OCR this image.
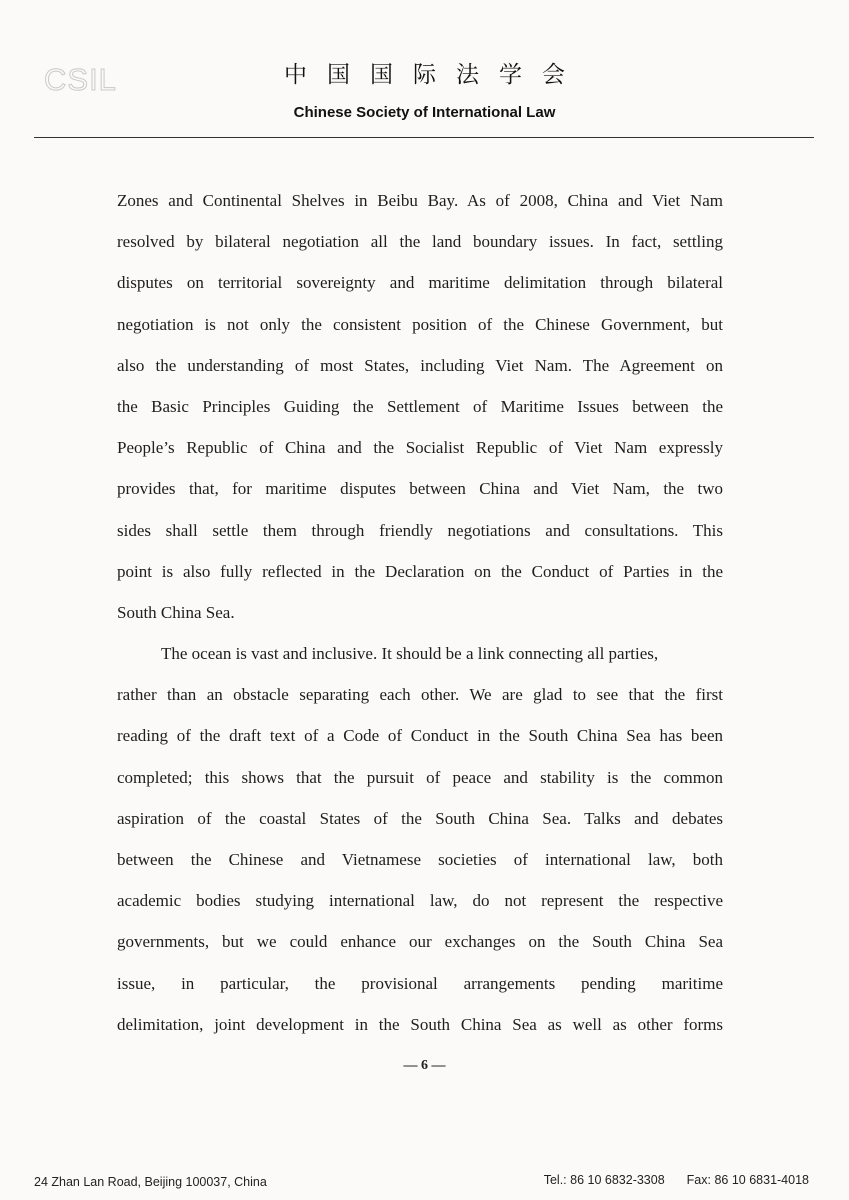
CSIL	中国国际法学会
Chinese Society of International Law
Zones and Continental Shelves in Beibu Bay. As of 2008, China and Viet Nam
resolved by bilateral negotiation all the land boundary issues. In fact, settling
disputes on territorial sovereignty and maritime delimitation through bilateral
negotiation is not only the consistent position of the Chinese Government, but
also the understanding of most States, including Viet Nam. The Agreement on
the Basic Principles Guiding the Settlement of Maritime Issues between the
People’s Republic of China and the Socialist Republic of Viet Nam expressly
provides that, for maritime disputes between China and Viet Nam, the two
sides shall settle them through friendly negotiations and consultations. This
point is also fully reflected in the Declaration on the Conduct of Parties in the
South China Sea.
The ocean is vast and inclusive. It should be a link connecting all parties,
rather than an obstacle separating each other. We are glad to see that the first
reading of the draft text of a Code of Conduct in the South China Sea has been
completed; this shows that the pursuit of peace and stability is the common
aspiration of the coastal States of the South China Sea. Talks and debates
between the Chinese and Vietnamese societies of international law, both
academic bodies studying international law, do not represent the respective
governments, but we could enhance our exchanges on the South China Sea
issue, in particular, the provisional arrangements pending maritime
delimitation, joint development in the South China Sea as well as other forms
— 6 —
24 Zhan Lan Road, Beijing 100037, China	Tel.: 86 10 6832-3308 Fax: 86 10 6831-4018
